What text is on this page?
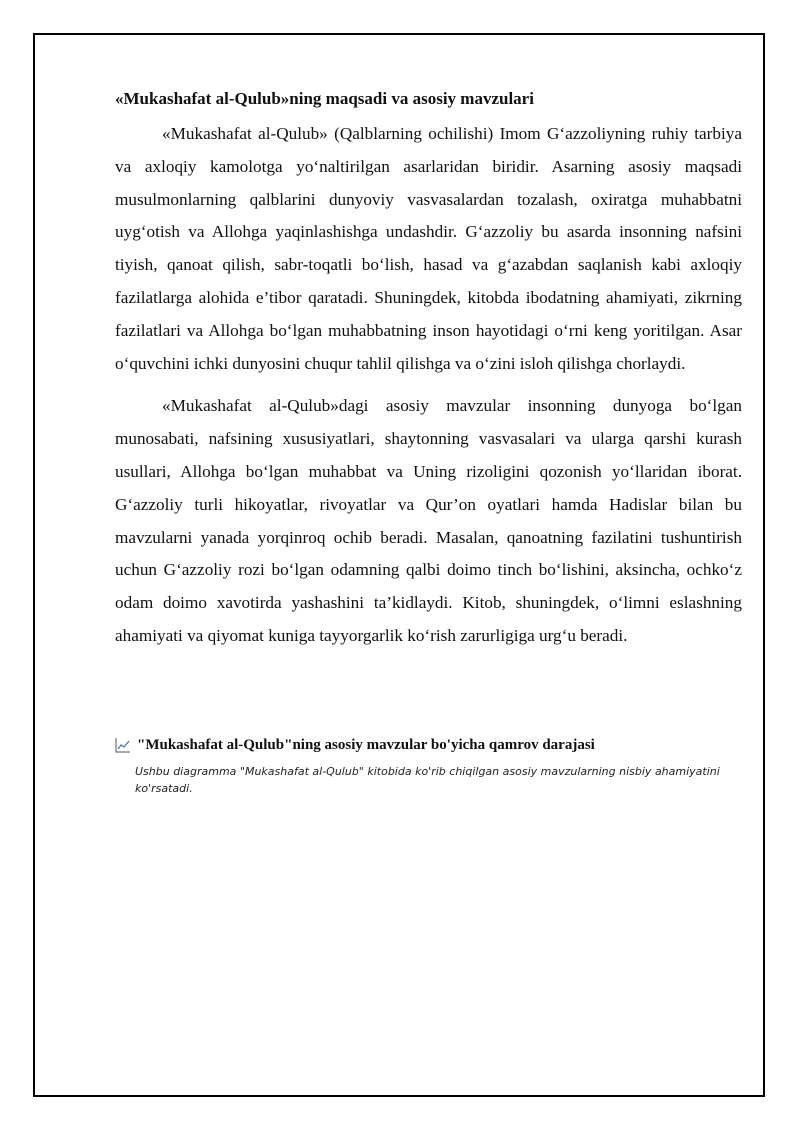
«Mukashafat al-Qulub»ning maqsadi va asosiy mavzulari

«Mukashafat al-Qulub» (Qalblarning ochilishi) Imom G‘azzoliyning ruhiy tarbiya va axloqiy kamolotga yo‘naltirilgan asarlaridan biridir. Asarning asosiy maqsadi musulmonlarning qalblarini dunyoviy vasvasalardan tozalash, oxiratga muhabbatni uyg‘otish va Allohga yaqinlashishga undashdir. G‘azzoliy bu asarda insonning nafsini tiyish, qanoat qilish, sabr-toqatli bo‘lish, hasad va g‘azabdan saqlanish kabi axloqiy fazilatlarga alohida e’tibor qaratadi. Shuningdek, kitobda ibodatning ahamiyati, zikrning fazilatlari va Allohga bo‘lgan muhabbatning inson hayotidagi o‘rni keng yoritilgan. Asar o‘quvchini ichki dunyosini chuqur tahlil qilishga va o‘zini isloh qilishga chorlaydi.

«Mukashafat al-Qulub»dagi asosiy mavzular insonning dunyoga bo‘lgan munosabati, nafsining xususiyatlari, shaytonning vasvasalari va ularga qarshi kurash usullari, Allohga bo‘lgan muhabbat va Uning rizoligini qozonish yo‘llaridan iborat. G‘azzoliy turli hikoyatlar, rivoyatlar va Qur’on oyatlari hamda Hadislar bilan bu mavzularni yanada yorqinroq ochib beradi. Masalan, qanoatning fazilatini tushuntirish uchun G‘azzoliy rozi bo‘lgan odamning qalbi doimo tinch bo‘lishini, aksincha, ochko‘z odam doimo xavotirda yashashini ta’kidlaydi. Kitob, shuningdek, o‘limni eslashning ahamiyati va qiyomat kuniga tayyorgarlik ko‘rish zarurligiga urg‘u beradi.

"Mukashafat al-Qulub"ning asosiy mavzular bo'yicha qamrov darajasi
Ushbu diagramma "Mukashafat al-Qulub" kitobida ko'rib chiqilgan asosiy mavzularning nisbiy ahamiyatini ko'rsatadi.
